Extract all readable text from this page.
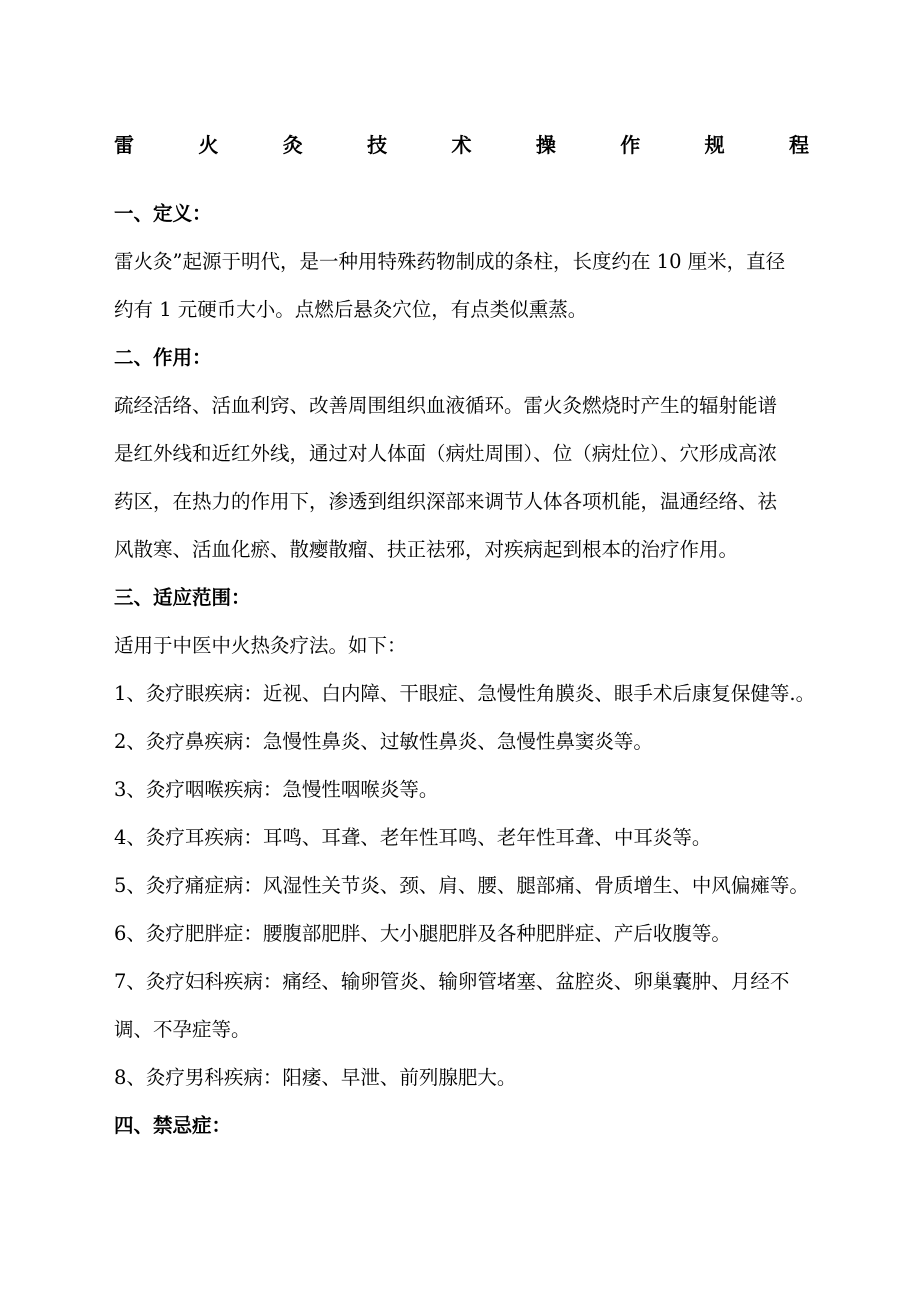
雷	火	灸	技	术	操	作	规	程
一、定义：
雷火灸”起源于明代，是一种用特殊药物制成的条柱，长度约在 10 厘米，直径
约有 1 元硬币大小。点燃后悬灸穴位，有点类似熏蒸。
二、作用：
疏经活络、活血利窍、改善周围组织血液循环。雷火灸燃烧时产生的辐射能谱
是红外线和近红外线，通过对人体面（病灶周围）、位（病灶位）、穴形成高浓
药区，在热力的作用下，渗透到组织深部来调节人体各项机能，温通经络、祛
风散寒、活血化瘀、散瘿散瘤、扶正祛邪，对疾病起到根本的治疗作用。
三、适应范围：
适用于中医中火热灸疗法。如下：
1、灸疗眼疾病：近视、白内障、干眼症、急慢性角膜炎、眼手术后康复保健等.。
2、灸疗鼻疾病：急慢性鼻炎、过敏性鼻炎、急慢性鼻窦炎等。
3、灸疗咽喉疾病：急慢性咽喉炎等。
4、灸疗耳疾病：耳鸣、耳聋、老年性耳鸣、老年性耳聋、中耳炎等。
5、灸疗痛症病：风湿性关节炎、颈、肩、腰、腿部痛、骨质增生、中风偏瘫等。
6、灸疗肥胖症：腰腹部肥胖、大小腿肥胖及各种肥胖症、产后收腹等。
7、灸疗妇科疾病：痛经、输卵管炎、输卵管堵塞、盆腔炎、卵巢囊肿、月经不
调、不孕症等。
8、灸疗男科疾病：阳痿、早泄、前列腺肥大。
四、禁忌症：
